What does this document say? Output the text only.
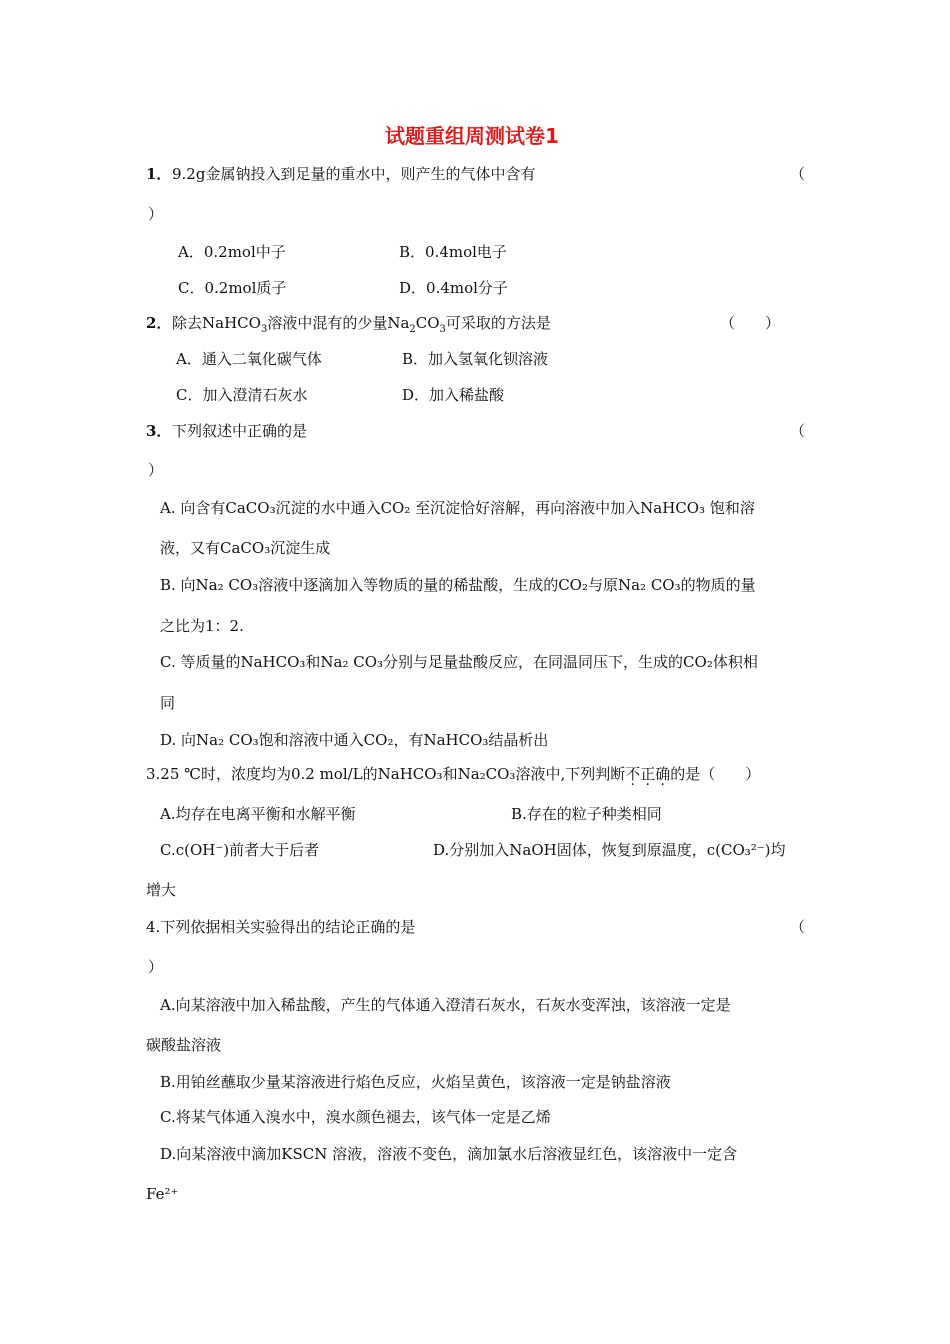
试题重组周测试卷1
1． 9.2g金属钠投入到足量的重水中，则产生的气体中含有	（
）
A．0.2mol中子	B．0.4mol电子
C．0.2mol质子	D．0.4mol分子
2． 除去NaHCO$_3$溶液中混有的少量$Na_2CO_3$可采取的方法是	（　　）
A．通入二氧化碳气体	B．加入氢氧化钡溶液
C．加入澄清石灰水	D．加入稀盐酸
3． 下列叙述中正确的是	（
）
A. 向含有CaCO₃沉淀的水中通入CO₂ 至沉淀恰好溶解，再向溶液中加入NaHCO₃ 饱和溶
液，又有CaCO₃沉淀生成
B. 向Na₂ CO₃溶液中逐滴加入等物质的量的稀盐酸，生成的CO₂与原Na₂ CO₃的物质的量
之比为1：2.
C. 等质量的NaHCO₃和Na₂ CO₃分别与足量盐酸反应，在同温同压下，生成的CO₂体积相
同
D. 向Na₂ CO₃饱和溶液中通入CO₂，有NaHCO₃结晶析出
3.25 ℃时，浓度均为0.2 mol/L的NaHCO₃和Na₂CO₃溶液中,下列判断不正确的是（　　）
A.均存在电离平衡和水解平衡	B.存在的粒子种类相同
C.c(OH⁻)前者大于后者	D.分别加入NaOH固体，恢复到原温度，c(CO₃²⁻)均
增大
4.下列依据相关实验得出的结论正确的是	（
）
A.向某溶液中加入稀盐酸，产生的气体通入澄清石灰水，石灰水变浑浊，该溶液一定是
碳酸盐溶液
B.用铂丝蘸取少量某溶液进行焰色反应，火焰呈黄色，该溶液一定是钠盐溶液
C.将某气体通入溴水中，溴水颜色褪去，该气体一定是乙烯
D.向某溶液中滴加KSCN 溶液，溶液不变色，滴加氯水后溶液显红色，该溶液中一定含
Fe²⁺
